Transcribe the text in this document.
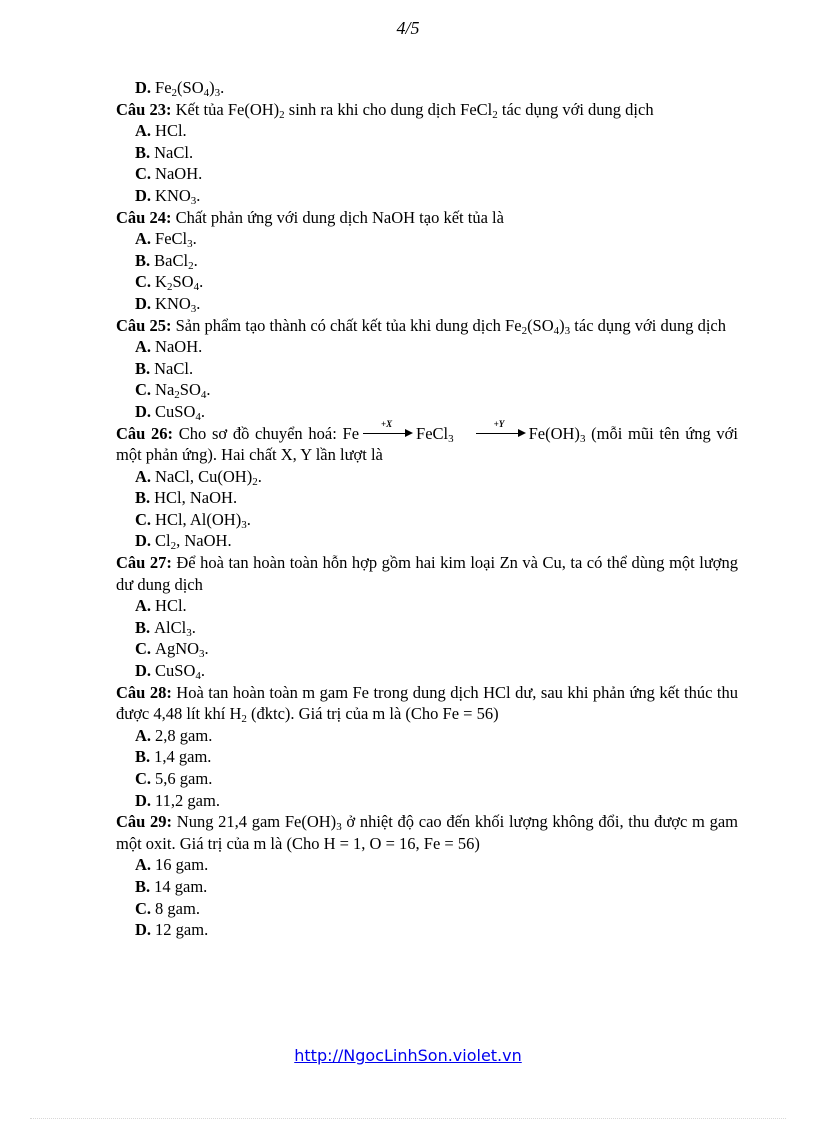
4/5
D. $Fe_2(SO_4)_3$.
Câu 23: Kết tủa $Fe(OH)_2$ sinh ra khi cho dung dịch FeCl$_2$ tác dụng với dung dịch
A. HCl.
B. NaCl.
C. NaOH.
D. $KNO_3$.
Câu 24: Chất phản ứng với dung dịch NaOH tạo kết tủa là
A. FeCl$_3$.
B. BaCl$_2$.
C. $K_2SO_4$.
D. $KNO_3$.
Câu 25: Sản phẩm tạo thành có chất kết tủa khi dung dịch $Fe_2(SO_4)_3$ tác dụng với dung dịch
A. NaOH.
B. NaCl.
C. $Na_2SO_4$.
D. CuSO$_4$.
Câu 26: Cho sơ đồ chuyển hoá: Fe +X FeCl$_3$
+Y $Fe(OH)_3$ (mỗi mũi tên ứng với một phản ứng). Hai chất X, Y lần lượt là
A. NaCl, $Cu(OH)_2$.
B. HCl, NaOH.
C. HCl, $Al(OH)_3$.
D. $Cl_2$, NaOH.
Câu 27: Để hoà tan hoàn toàn hỗn hợp gồm hai kim loại Zn và Cu, ta có thể dùng một lượng dư dung dịch
A. HCl.
B. AlCl$_3$.
C. AgNO$_3$.
D. CuSO$_4$.
Câu 28: Hoà tan hoàn toàn m gam Fe trong dung dịch HCl dư, sau khi phản ứng kết thúc thu được 4,48 lít khí $H_2$ (đktc). Giá trị của m là (Cho Fe = 56)
A. 2,8 gam.
B. 1,4 gam.
C. 5,6 gam.
D. 11,2 gam.
Câu 29: Nung 21,4 gam $Fe(OH)_3$ ở nhiệt độ cao đến khối lượng không đổi, thu được m gam một oxit. Giá trị của m là (Cho H = 1, O = 16, Fe = 56)
A. 16 gam.
B. 14 gam.
C. 8 gam.
D. 12 gam.
http://NgocLinhSon.violet.vn
